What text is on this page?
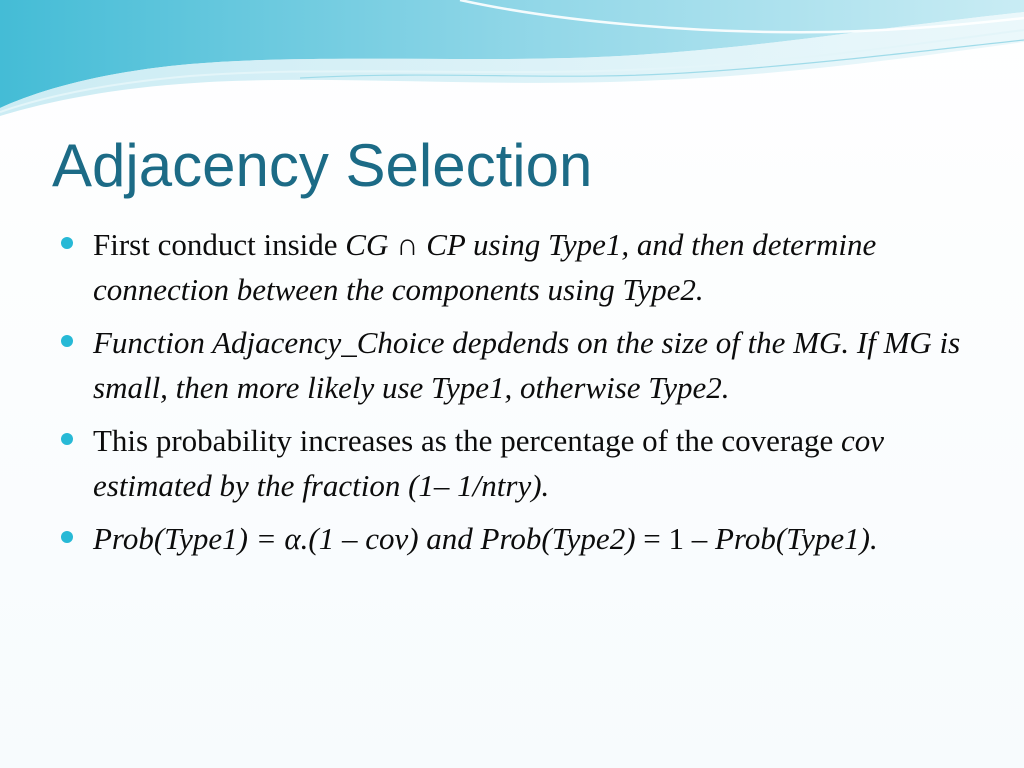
Adjacency Selection
First conduct inside CG ∩ CP using Type1, and then determine connection between the components using Type2.
Function Adjacency_Choice depdends on the size of the MG. If MG is small, then more likely use Type1, otherwise Type2.
This probability increases as the percentage of the coverage cov estimated by the fraction (1– 1/ntry).
Prob(Type1) = α.(1 – cov) and Prob(Type2) = 1 – Prob(Type1).
